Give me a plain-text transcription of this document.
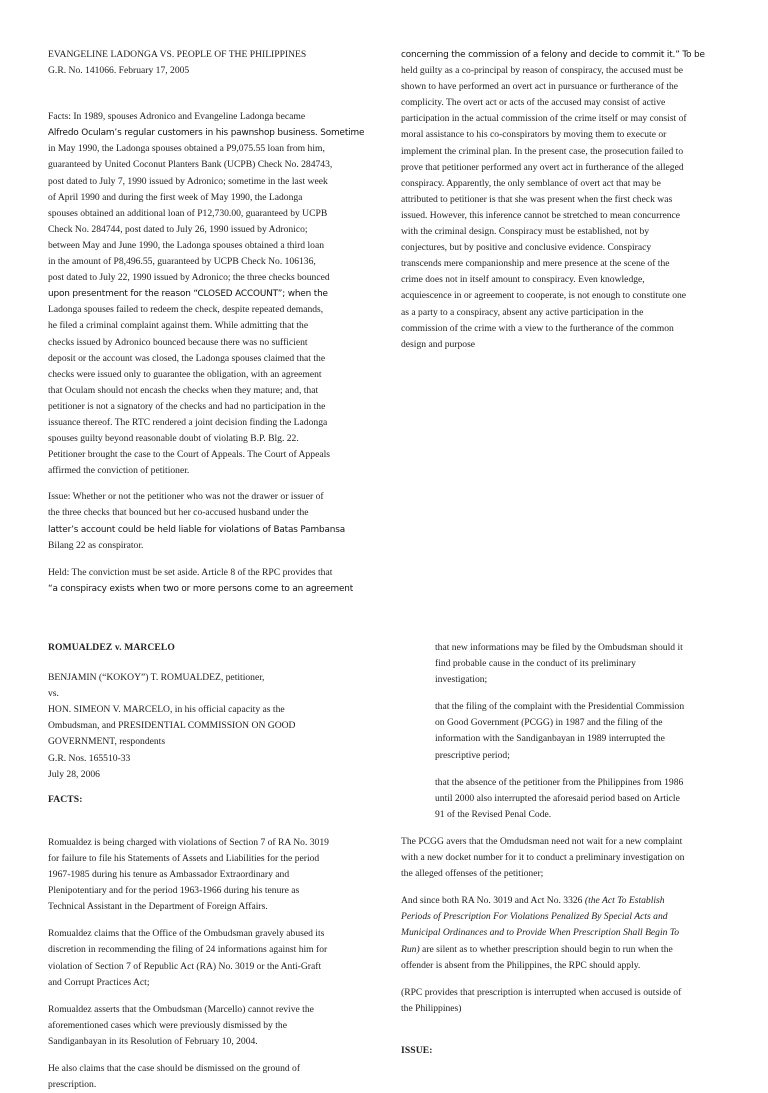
EVANGELINE LADONGA VS. PEOPLE OF THE PHILIPPINES

G.R. No. 141066. February 17, 2005

Facts: In 1989, spouses Adronico and Evangeline Ladonga became

Alfredo Oculam’s regular customers in his pawnshop business. Sometime

in May 1990, the Ladonga spouses obtained a P9,075.55 loan from him,

guaranteed by United Coconut Planters Bank (UCPB) Check No. 284743,

post dated to July 7, 1990 issued by Adronico; sometime in the last week

of April 1990 and during the first week of May 1990, the Ladonga

spouses obtained an additional loan of P12,730.00, guaranteed by UCPB

Check No. 284744, post dated to July 26, 1990 issued by Adronico;

between May and June 1990, the Ladonga spouses obtained a third loan

in the amount of P8,496.55, guaranteed by UCPB Check No. 106136,

post dated to July 22, 1990 issued by Adronico; the three checks bounced

upon presentment for the reason “CLOSED ACCOUNT”; when the

Ladonga spouses failed to redeem the check, despite repeated demands,

he filed a criminal complaint against them. While admitting that the

checks issued by Adronico bounced because there was no sufficient

deposit or the account was closed, the Ladonga spouses claimed that the

checks were issued only to guarantee the obligation, with an agreement

that Oculam should not encash the checks when they mature; and, that

petitioner is not a signatory of the checks and had no participation in the

issuance thereof. The RTC rendered a joint decision finding the Ladonga

spouses guilty beyond reasonable doubt of violating B.P. Blg. 22.

Petitioner brought the case to the Court of Appeals. The Court of Appeals

affirmed the conviction of petitioner.

Issue: Whether or not the petitioner who was not the drawer or issuer of

the three checks that bounced but her co-accused husband under the

latter’s account could be held liable for violations of Batas Pambansa

Bilang 22 as conspirator.

Held: The conviction must be set aside. Article 8 of the RPC provides that

“a conspiracy exists when two or more persons come to an agreement

concerning the commission of a felony and decide to commit it.” To be

held guilty as a co-principal by reason of conspiracy, the accused must be

shown to have performed an overt act in pursuance or furtherance of the

complicity. The overt act or acts of the accused may consist of active

participation in the actual commission of the crime itself or may consist of

moral assistance to his co-conspirators by moving them to execute or

implement the criminal plan. In the present case, the prosecution failed to

prove that petitioner performed any overt act in furtherance of the alleged

conspiracy. Apparently, the only semblance of overt act that may be

attributed to petitioner is that she was present when the first check was

issued. However, this inference cannot be stretched to mean concurrence

with the criminal design. Conspiracy must be established, not by

conjectures, but by positive and conclusive evidence. Conspiracy

transcends mere companionship and mere presence at the scene of the

crime does not in itself amount to conspiracy. Even knowledge,

acquiescence in or agreement to cooperate, is not enough to constitute one

as a party to a conspiracy, absent any active participation in the

commission of the crime with a view to the furtherance of the common

design and purpose

ROMUALDEZ v. MARCELO

BENJAMIN (“KOKOY”) T. ROMUALDEZ, petitioner,

vs.

HON. SIMEON V. MARCELO, in his official capacity as the

Ombudsman, and PRESIDENTIAL COMMISSION ON GOOD

GOVERNMENT, respondents

G.R. Nos. 165510-33

July 28, 2006

FACTS:

Romualdez is being charged with violations of Section 7 of RA No. 3019

for failure to file his Statements of Assets and Liabilities for the period

1967-1985 during his tenure as Ambassador Extraordinary and

Plenipotentiary and for the period 1963-1966 during his tenure as

Technical Assistant in the Department of Foreign Affairs.

Romualdez claims that the Office of the Ombudsman gravely abused its

discretion in recommending the filing of 24 informations against him for

violation of Section 7 of Republic Act (RA) No. 3019 or the Anti-Graft

and Corrupt Practices Act;

Romualdez asserts that the Ombudsman (Marcello) cannot revive the

aforementioned cases which were previously dismissed by the

Sandiganbayan in its Resolution of February 10, 2004.

He also claims that the case should be dismissed on the ground of

prescription.

that new informations may be filed by the Ombudsman should it

find probable cause in the conduct of its preliminary

investigation;

that the filing of the complaint with the Presidential Commission

on Good Government (PCGG) in 1987 and the filing of the

information with the Sandiganbayan in 1989 interrupted the

prescriptive period;

that the absence of the petitioner from the Philippines from 1986

until 2000 also interrupted the aforesaid period based on Article

91 of the Revised Penal Code.

The PCGG avers that the Omdudsman need not wait for a new complaint

with a new docket number for it to conduct a preliminary investigation on

the alleged offenses of the petitioner;

And since both RA No. 3019 and Act No. 3326 (the Act To Establish

Periods of Prescription For Violations Penalized By Special Acts and

Municipal Ordinances and to Provide When Prescription Shall Begin To

Run) are silent as to whether prescription should begin to run when the

offender is absent from the Philippines, the RPC should apply.

(RPC provides that prescription is interrupted when accused is outside of

the Philippines)

ISSUE:
